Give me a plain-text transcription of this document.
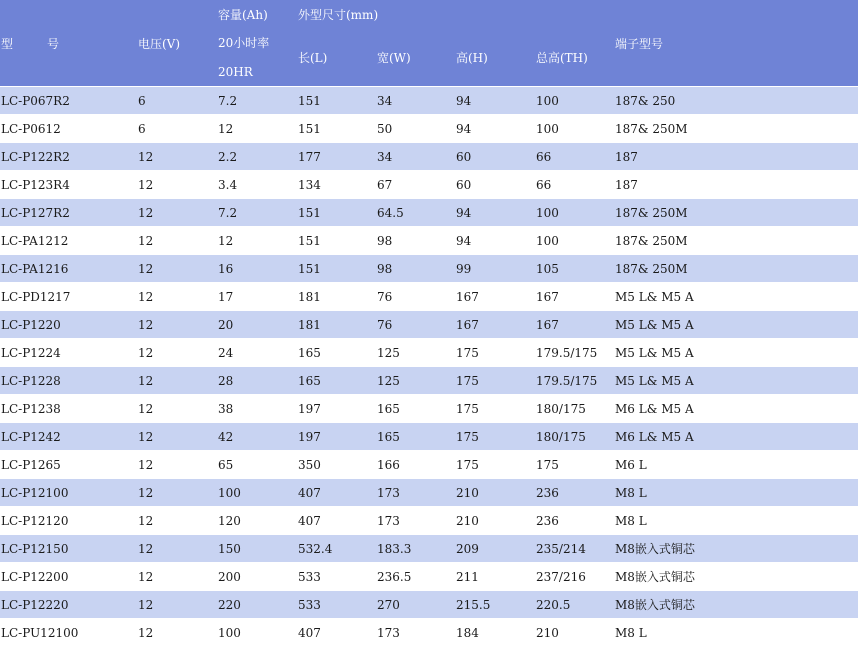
型 号	电压(V)	容量(Ah)	外型尺寸(mm)				端子型号
		20小时率	长(L)	宽(W)	高(H)	总高(TH)	
		20HR					
LC-P067R2	6	7.2	151	34	94	100	187& 250
LC-P0612	6	12	151	50	94	100	187& 250M
LC-P122R2	12	2.2	177	34	60	66	187
LC-P123R4	12	3.4	134	67	60	66	187
LC-P127R2	12	7.2	151	64.5	94	100	187& 250M
LC-PA1212	12	12	151	98	94	100	187& 250M
LC-PA1216	12	16	151	98	99	105	187& 250M
LC-PD1217	12	17	181	76	167	167	M5 L& M5 A
LC-P1220	12	20	181	76	167	167	M5 L& M5 A
LC-P1224	12	24	165	125	175	179.5/175	M5 L& M5 A
LC-P1228	12	28	165	125	175	179.5/175	M5 L& M5 A
LC-P1238	12	38	197	165	175	180/175	M6 L& M5 A
LC-P1242	12	42	197	165	175	180/175	M6 L& M5 A
LC-P1265	12	65	350	166	175	175	M6 L
LC-P12100	12	100	407	173	210	236	M8 L
LC-P12120	12	120	407	173	210	236	M8 L
LC-P12150	12	150	532.4	183.3	209	235/214	M8嵌入式铜芯
LC-P12200	12	200	533	236.5	211	237/216	M8嵌入式铜芯
LC-P12220	12	220	533	270	215.5	220.5	M8嵌入式铜芯
LC-PU12100	12	100	407	173	184	210	M8 L
